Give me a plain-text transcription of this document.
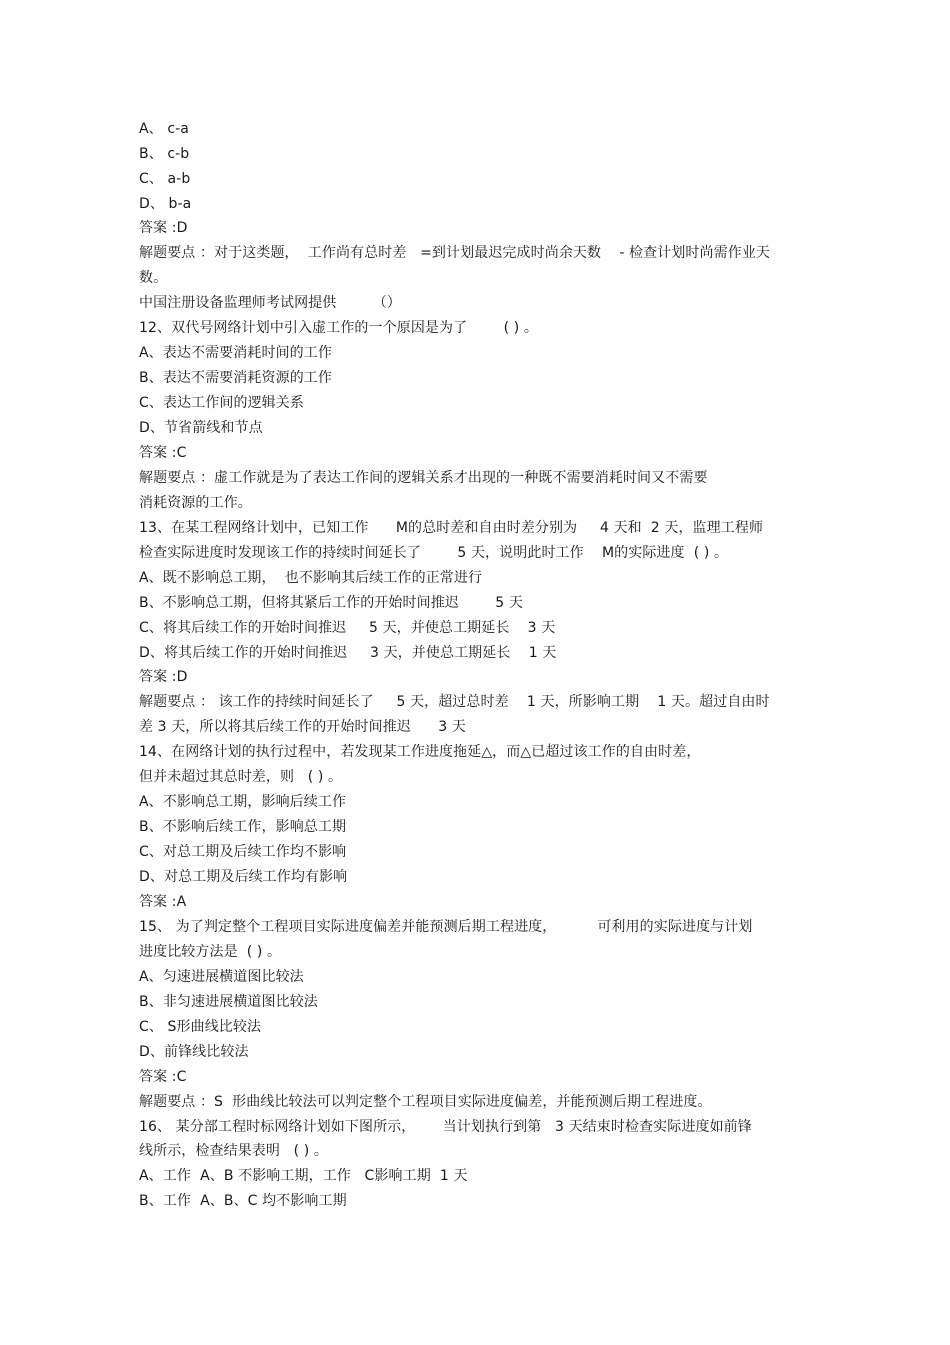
A、 c-a
B、 c-b
C、 a-b
D、 b-a
答案 :D
解题要点 ：对于这类题，  工作尚有总时差   =到计划最迟完成时尚余天数    - 检查计划时尚需作业天
数。
中国注册设备监理师考试网提供        （）
12、双代号网络计划中引入虚工作的一个原因是为了        ( ) 。
A、表达不需要消耗时间的工作
B、表达不需要消耗资源的工作
C、表达工作间的逻辑关系
D、节省箭线和节点
答案 :C
解题要点 ：虚工作就是为了表达工作间的逻辑关系才出现的一种既不需要消耗时间又不需要
消耗资源的工作。
13、在某工程网络计划中，已知工作      M的总时差和自由时差分别为     4 天和  2 天，监理工程师
检查实际进度时发现该工作的持续时间延长了        5 天，说明此时工作    M的实际进度  ( ) 。
A、既不影响总工期，  也不影响其后续工作的正常进行
B、不影响总工期，但将其紧后工作的开始时间推迟        5 天
C、将其后续工作的开始时间推迟     5 天，并使总工期延长    3 天
D、将其后续工作的开始时间推迟     3 天，并使总工期延长    1 天
答案 :D
解题要点 ： 该工作的持续时间延长了     5 天，超过总时差    1 天，所影响工期    1 天。超过自由时
差 3 天，所以将其后续工作的开始时间推迟      3 天
14、在网络计划的执行过程中，若发现某工作进度拖延△，而△已超过该工作的自由时差，
但并未超过其总时差，则   ( ) 。
A、不影响总工期，影响后续工作
B、不影响后续工作，影响总工期
C、对总工期及后续工作均不影响
D、对总工期及后续工作均有影响
答案 :A
15、 为了判定整个工程项目实际进度偏差并能预测后期工程进度，         可利用的实际进度与计划
进度比较方法是  ( ) 。
A、匀速进展横道图比较法
B、非匀速进展横道图比较法
C、 S形曲线比较法
D、前锋线比较法
答案 :C
解题要点 ：S  形曲线比较法可以判定整个工程项目实际进度偏差，并能预测后期工程进度。
16、 某分部工程时标网络计划如下图所示，      当计划执行到第   3 天结束时检查实际进度如前锋
线所示，检查结果表明   ( ) 。
A、工作  A、B 不影响工期，工作   C影响工期  1 天
B、工作  A、B、C 均不影响工期
